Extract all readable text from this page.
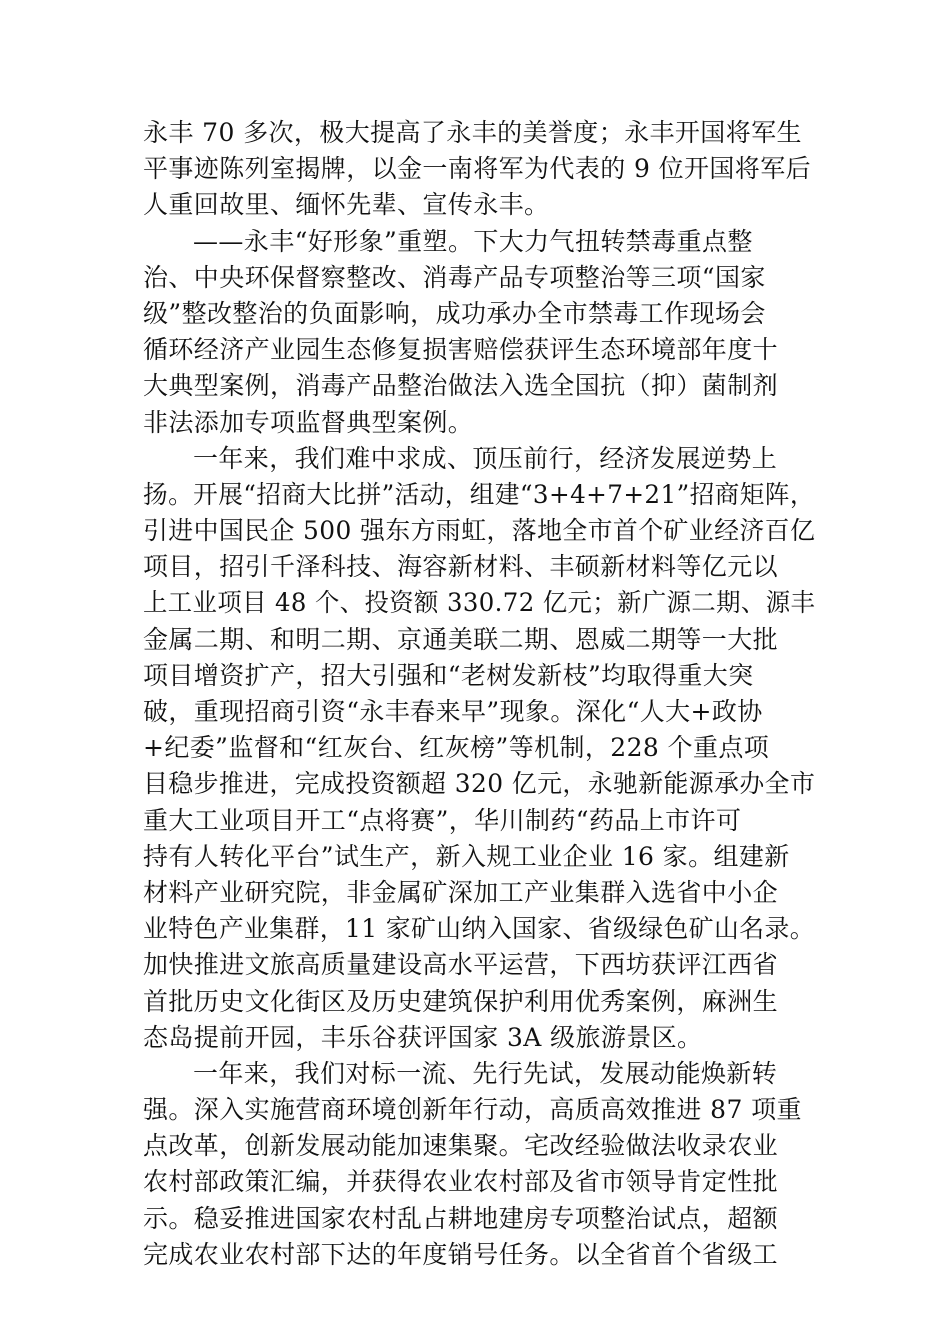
永丰 70 多次，极大提高了永丰的美誉度；永丰开国将军生
平事迹陈列室揭牌，以金一南将军为代表的 9 位开国将军后
人重回故里、缅怀先辈、宣传永丰。
——永丰“好形象”重塑。下大力气扭转禁毒重点整
治、中央环保督察整改、消毒产品专项整治等三项“国家
级”整改整治的负面影响，成功承办全市禁毒工作现场会
循环经济产业园生态修复损害赔偿获评生态环境部年度十
大典型案例，消毒产品整治做法入选全国抗（抑）菌制剂
非法添加专项监督典型案例。
一年来，我们难中求成、顶压前行，经济发展逆势上
扬。开展“招商大比拼”活动，组建“3+4+7+21”招商矩阵，
引进中国民企 500 强东方雨虹，落地全市首个矿业经济百亿
项目，招引千泽科技、海容新材料、丰硕新材料等亿元以
上工业项目 48 个、投资额 330.72 亿元；新广源二期、源丰
金属二期、和明二期、京通美联二期、恩威二期等一大批
项目增资扩产，招大引强和“老树发新枝”均取得重大突
破，重现招商引资“永丰春来早”现象。深化“人大+政协
+纪委”监督和“红灰台、红灰榜”等机制，228 个重点项
目稳步推进，完成投资额超 320 亿元，永驰新能源承办全市
重大工业项目开工“点将赛”，华川制药“药品上市许可
持有人转化平台”试生产，新入规工业企业 16 家。组建新
材料产业研究院，非金属矿深加工产业集群入选省中小企
业特色产业集群，11 家矿山纳入国家、省级绿色矿山名录。
加快推进文旅高质量建设高水平运营，下西坊获评江西省
首批历史文化街区及历史建筑保护利用优秀案例，麻洲生
态岛提前开园，丰乐谷获评国家 3A 级旅游景区。
一年来，我们对标一流、先行先试，发展动能焕新转
强。深入实施营商环境创新年行动，高质高效推进 87 项重
点改革，创新发展动能加速集聚。宅改经验做法收录农业
农村部政策汇编，并获得农业农村部及省市领导肯定性批
示。稳妥推进国家农村乱占耕地建房专项整治试点，超额
完成农业农村部下达的年度销号任务。以全省首个省级工
